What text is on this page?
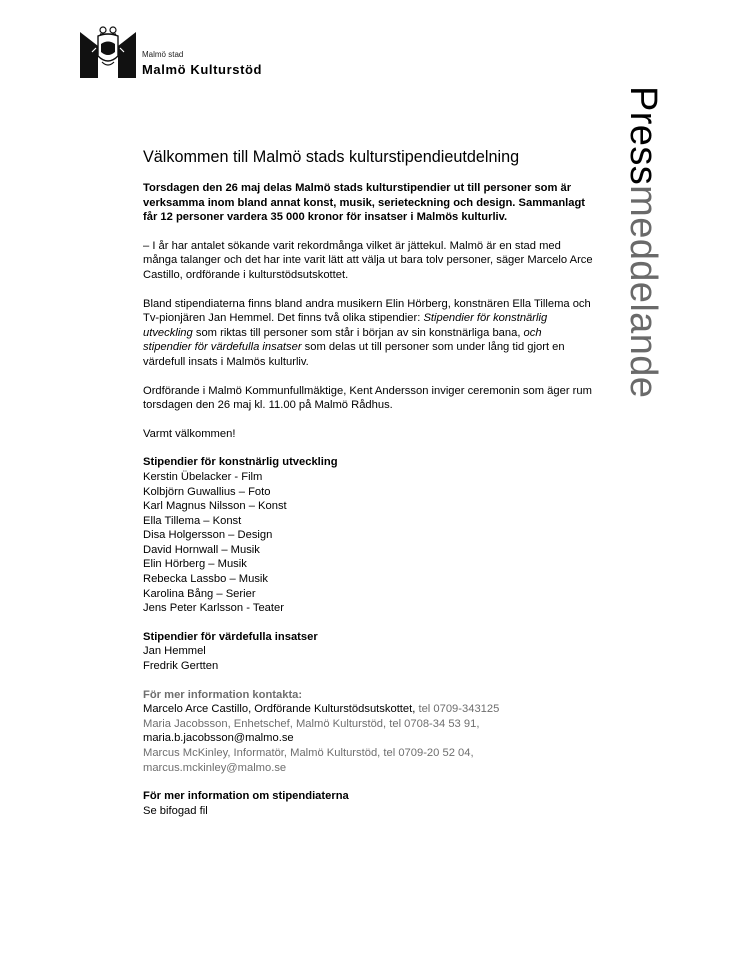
Malmö stad
Malmö Kulturstöd
Pressmeddelande
Välkommen till Malmö stads kulturstipendieutdelning

Torsdagen den 26 maj delas Malmö stads kulturstipendier ut till personer som är verksamma inom bland annat konst, musik, serieteckning och design. Sammanlagt får 12 personer vardera 35 000 kronor för insatser i Malmös kulturliv.

– I år har antalet sökande varit rekordmånga vilket är jättekul. Malmö är en stad med många talanger och det har inte varit lätt att välja ut bara tolv personer, säger Marcelo Arce Castillo, ordförande i kulturstödsutskottet.

Bland stipendiaterna finns bland andra musikern Elin Hörberg, konstnären Ella Tillema och Tv-pionjären Jan Hemmel. Det finns två olika stipendier: Stipendier för konstnärlig utveckling som riktas till personer som står i början av sin konstnärliga bana, och stipendier för värdefulla insatser som delas ut till personer som under lång tid gjort en värdefull insats i Malmös kulturliv.

Ordförande i Malmö Kommunfullmäktige, Kent Andersson inviger ceremonin som äger rum torsdagen den 26 maj kl. 11.00 på Malmö Rådhus.

Varmt välkommen!

Stipendier för konstnärlig utveckling
Kerstin Übelacker - Film
Kolbjörn Guwallius – Foto
Karl Magnus Nilsson – Konst
Ella Tillema – Konst
Disa Holgersson – Design
David Hornwall – Musik
Elin Hörberg – Musik
Rebecka Lassbo – Musik
Karolina Bång – Serier
Jens Peter Karlsson - Teater
Stipendier för värdefulla insatser
Jan Hemmel
Fredrik Gertten
För mer information kontakta:
Marcelo Arce Castillo, Ordförande Kulturstödsutskottet, tel 0709-343125
Maria Jacobsson, Enhetschef, Malmö Kulturstöd, tel 0708-34 53 91,
maria.b.jacobsson@malmo.se
Marcus McKinley, Informatör, Malmö Kulturstöd, tel 0709-20 52 04,
marcus.mckinley@malmo.se
För mer information om stipendiaterna
Se bifogad fil
